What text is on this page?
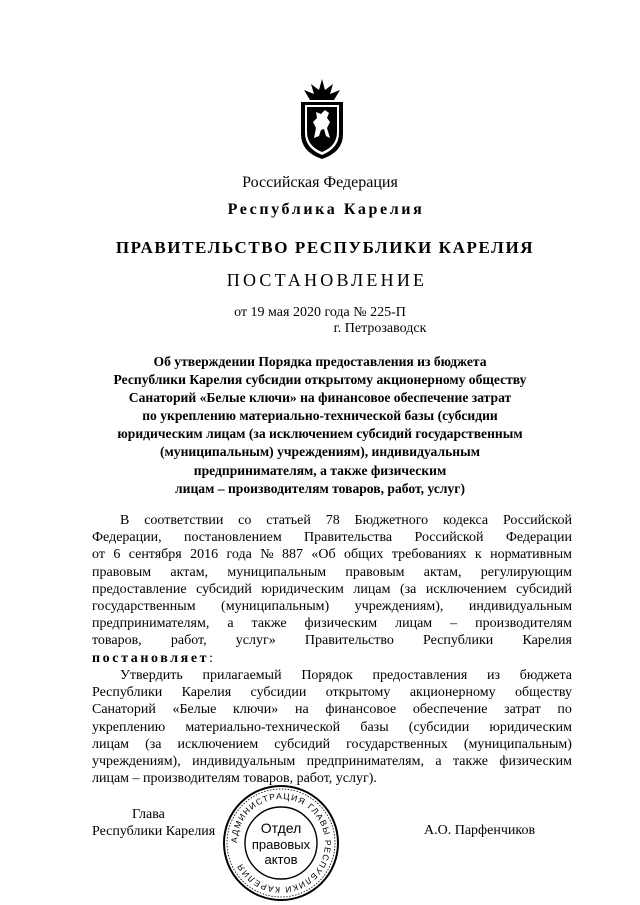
Российская Федерация
Республика Карелия
ПРАВИТЕЛЬСТВО РЕСПУБЛИКИ КАРЕЛИЯ
ПОСТАНОВЛЕНИЕ
от 19 мая 2020 года № 225-П
г. Петрозаводск
Об утверждении Порядка предоставления из бюджета
Республики Карелия субсидии открытому акционерному обществу
Санаторий «Белые ключи» на финансовое обеспечение затрат
по укреплению материально-технической базы (субсидии
юридическим лицам (за исключением субсидий государственным
(муниципальным) учреждениям), индивидуальным
предпринимателям, а также физическим
лицам – производителям товаров, работ, услуг)
В соответствии со статьей 78 Бюджетного кодекса Российской
Федерации, постановлением Правительства Российской Федерации
от 6 сентября 2016 года № 887 «Об общих требованиях к нормативным
правовым актам, муниципальным правовым актам, регулирующим
предоставление субсидий юридическим лицам (за исключением субсидий
государственным (муниципальным) учреждениям), индивидуальным
предпринимателям, а также физическим лицам – производителям
товаров, работ, услуг» Правительство Республики Карелия
постановляет:
Утвердить прилагаемый Порядок предоставления из бюджета
Республики Карелия субсидии открытому акционерному обществу
Санаторий «Белые ключи» на финансовое обеспечение затрат по
укреплению материально-технической базы (субсидии юридическим
лицам (за исключением субсидий государственных (муниципальным)
учреждениям), индивидуальным предпринимателям, а также физическим
лицам – производителям товаров, работ, услуг).
Глава
Республики Карелия	А.О. Парфенчиков
АДМИНИСТРАЦИЯ ГЛАВЫ РЕСПУБЛИКИ КАРЕЛИЯ
Отдел
правовых
актов
